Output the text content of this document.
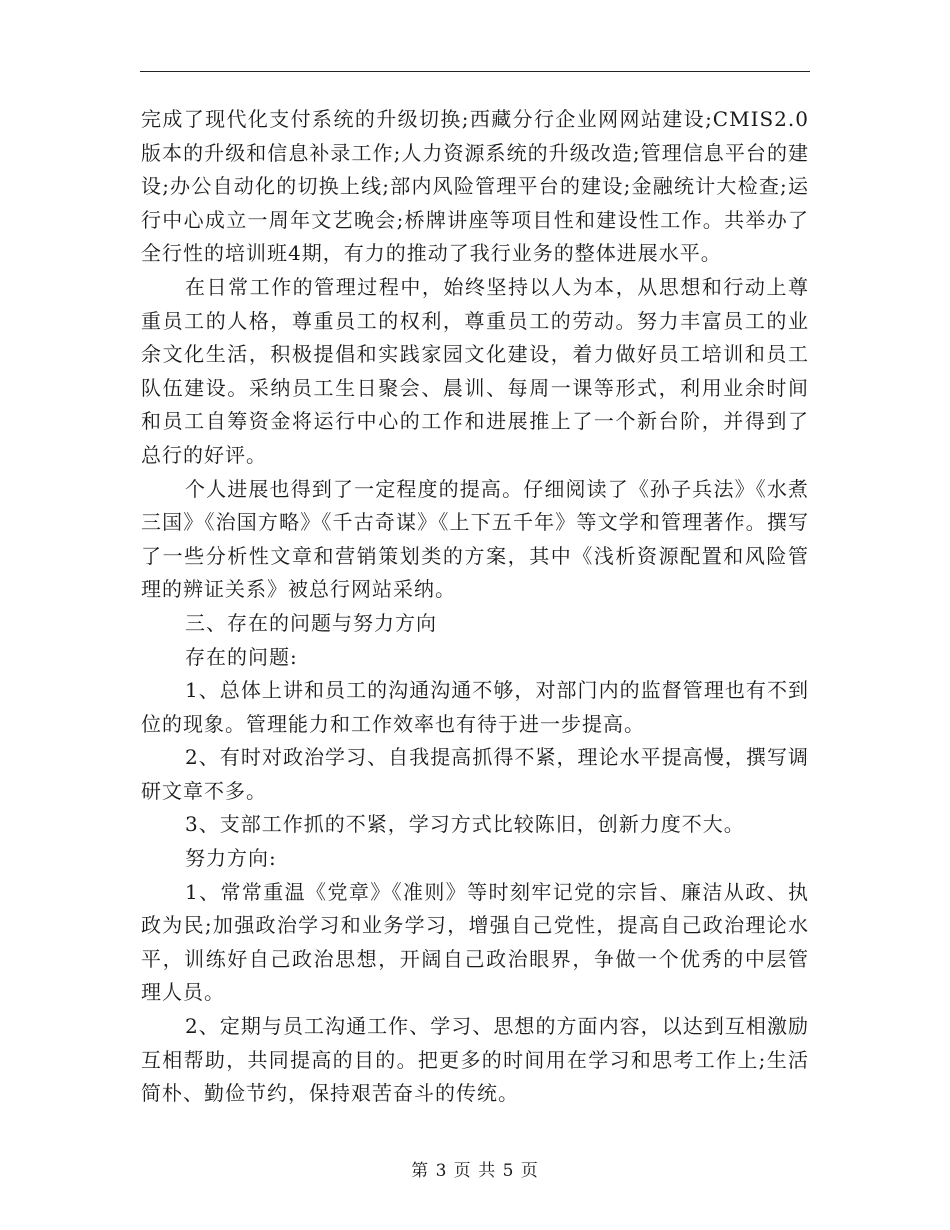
完成了现代化支付系统的升级切换;西藏分行企业网网站建设;CMIS2.0版本的升级和信息补录工作;人力资源系统的升级改造;管理信息平台的建设;办公自动化的切换上线;部内风险管理平台的建设;金融统计大检查;运行中心成立一周年文艺晚会;桥牌讲座等项目性和建设性工作。共举办了全行性的培训班4期，有力的推动了我行业务的整体进展水平。

在日常工作的管理过程中，始终坚持以人为本，从思想和行动上尊重员工的人格，尊重员工的权利，尊重员工的劳动。努力丰富员工的业余文化生活，积极提倡和实践家园文化建设，着力做好员工培训和员工队伍建设。采纳员工生日聚会、晨训、每周一课等形式，利用业余时间和员工自筹资金将运行中心的工作和进展推上了一个新台阶，并得到了总行的好评。

个人进展也得到了一定程度的提高。仔细阅读了《孙子兵法》《水煮三国》《治国方略》《千古奇谋》《上下五千年》等文学和管理著作。撰写了一些分析性文章和营销策划类的方案，其中《浅析资源配置和风险管理的辨证关系》被总行网站采纳。

三、存在的问题与努力方向

存在的问题:

1、总体上讲和员工的沟通沟通不够，对部门内的监督管理也有不到位的现象。管理能力和工作效率也有待于进一步提高。

2、有时对政治学习、自我提高抓得不紧，理论水平提高慢，撰写调研文章不多。

3、支部工作抓的不紧，学习方式比较陈旧，创新力度不大。

努力方向:

1、常常重温《党章》《准则》等时刻牢记党的宗旨、廉洁从政、执政为民;加强政治学习和业务学习，增强自己党性，提高自己政治理论水平，训练好自己政治思想，开阔自己政治眼界，争做一个优秀的中层管理人员。

2、定期与员工沟通工作、学习、思想的方面内容，以达到互相激励互相帮助，共同提高的目的。把更多的时间用在学习和思考工作上;生活简朴、勤俭节约，保持艰苦奋斗的传统。

第 3 页 共 5 页
